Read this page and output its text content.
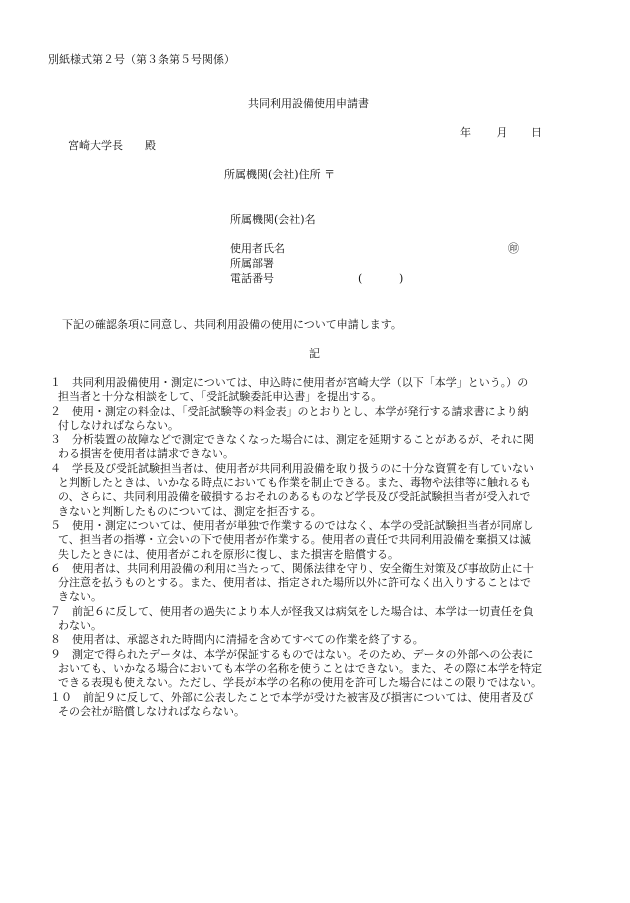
別紙様式第２号（第３条第５号関係）
共同利用設備使用申請書
年 月 日
宮崎大学長　　殿
所属機関(会社)住所 〒
所属機関(会社)名
使用者氏名	㊞
所属部署
電話番号	(	)
下記の確認条項に同意し、共同利用設備の使用について申請します。
記
１　共同利用設備使用・測定については、申込時に使用者が宮崎大学（以下「本学」という。）の
担当者と十分な相談をして、「受託試験委託申込書」を提出する。
２　使用・測定の料金は、「受託試験等の料金表」のとおりとし、本学が発行する請求書により納
付しなければならない。
３　分析装置の故障などで測定できなくなった場合には、測定を延期することがあるが、それに関
わる損害を使用者は請求できない。
４　学長及び受託試験担当者は、使用者が共同利用設備を取り扱うのに十分な資質を有していない
と判断したときは、いかなる時点においても作業を制止できる。また、毒物や法律等に触れるも
の、さらに、共同利用設備を破損するおそれのあるものなど学長及び受託試験担当者が受入れで
きないと判断したものについては、測定を拒否する。
５　使用・測定については、使用者が単独で作業するのではなく、本学の受託試験担当者が同席し
て、担当者の指導・立会いの下で使用者が作業する。使用者の責任で共同利用設備を棄損又は滅
失したときには、使用者がこれを原形に復し、また損害を賠償する。
６　使用者は、共同利用設備の利用に当たって、関係法律を守り、安全衛生対策及び事故防止に十
分注意を払うものとする。また、使用者は、指定された場所以外に許可なく出入りすることはで
きない。
７　前記６に反して、使用者の過失により本人が怪我又は病気をした場合は、本学は一切責任を負
わない。
８　使用者は、承認された時間内に清掃を含めてすべての作業を終了する。
９　測定で得られたデータは、本学が保証するものではない。そのため、データの外部への公表に
おいても、いかなる場合においても本学の名称を使うことはできない。また、その際に本学を特定
できる表現も使えない。ただし、学長が本学の名称の使用を許可した場合にはこの限りではない。
１０　前記９に反して、外部に公表したことで本学が受けた被害及び損害については、使用者及び
その会社が賠償しなければならない。
